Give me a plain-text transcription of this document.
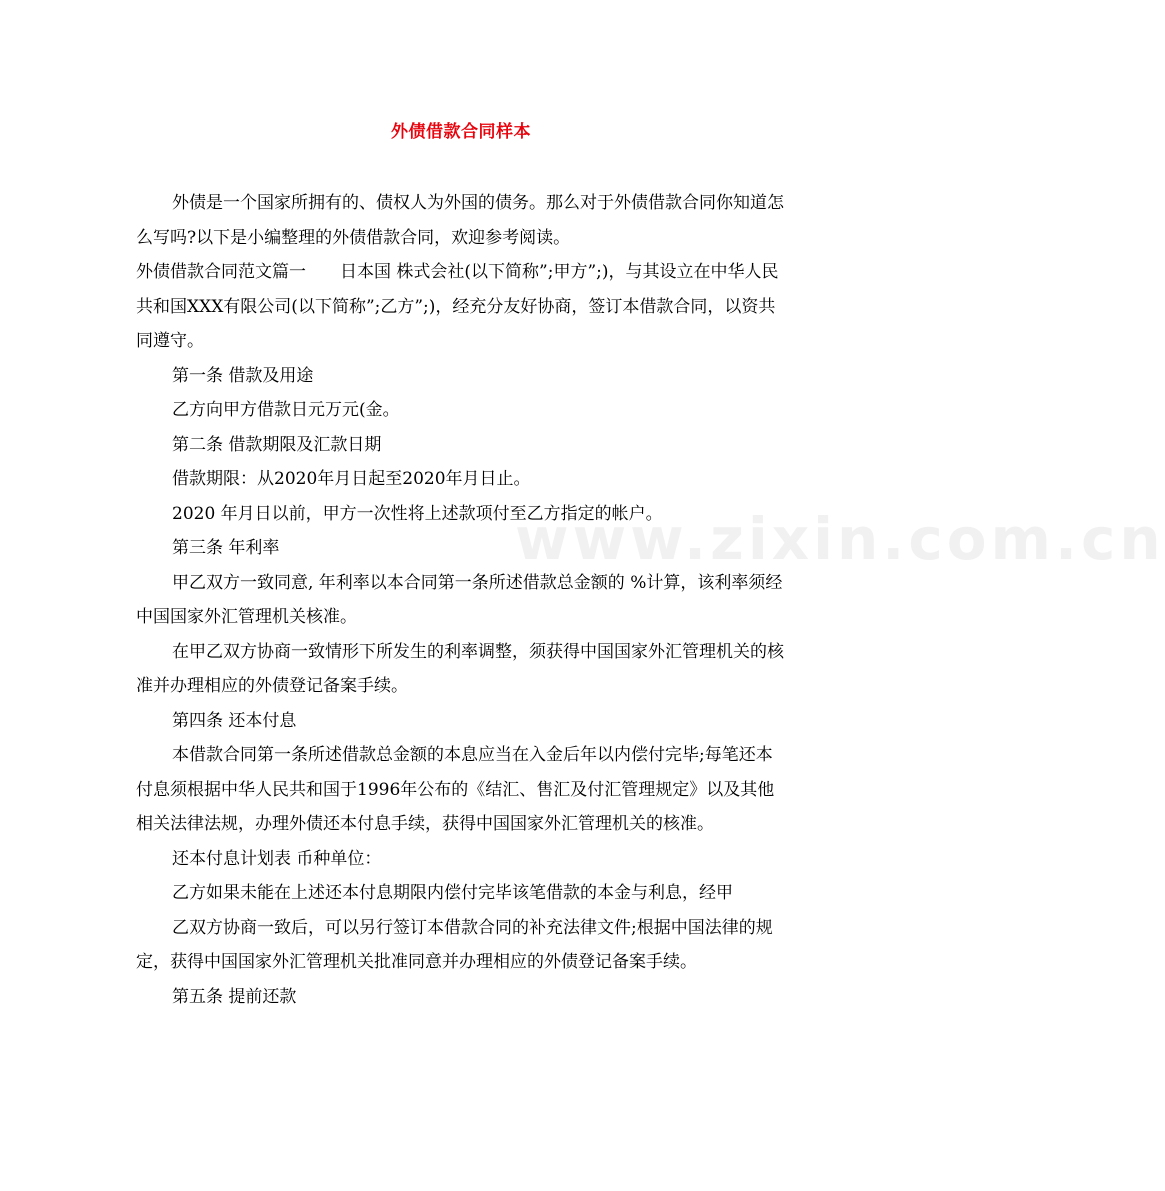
外债借款合同样本

外债是一个国家所拥有的、债权人为外国的债务。那么对于外债借款合同你知道怎么写吗?以下是小编整理的外债借款合同，欢迎参考阅读。

外债借款合同范文篇一　　日本国 株式会社(以下简称”;甲方”;)，与其设立在中华人民共和国XXX有限公司(以下简称”;乙方”;)，经充分友好协商，签订本借款合同，以资共同遵守。

第一条 借款及用途

乙方向甲方借款日元万元(金。

第二条 借款期限及汇款日期

借款期限：从2020年月日起至2020年月日止。

2020 年月日以前，甲方一次性将上述款项付至乙方指定的帐户。

第三条 年利率

甲乙双方一致同意, 年利率以本合同第一条所述借款总金额的 %计算，该利率须经中国国家外汇管理机关核准。

在甲乙双方协商一致情形下所发生的利率调整，须获得中国国家外汇管理机关的核准并办理相应的外债登记备案手续。

第四条 还本付息

本借款合同第一条所述借款总金额的本息应当在入金后年以内偿付完毕;每笔还本付息须根据中华人民共和国于1996年公布的《结汇、售汇及付汇管理规定》以及其他相关法律法规，办理外债还本付息手续，获得中国国家外汇管理机关的核准。

还本付息计划表 币种单位：

乙方如果未能在上述还本付息期限内偿付完毕该笔借款的本金与利息，经甲

乙双方协商一致后，可以另行签订本借款合同的补充法律文件;根据中国法律的规定，获得中国国家外汇管理机关批准同意并办理相应的外债登记备案手续。

第五条 提前还款

www.zixin.com.cn
